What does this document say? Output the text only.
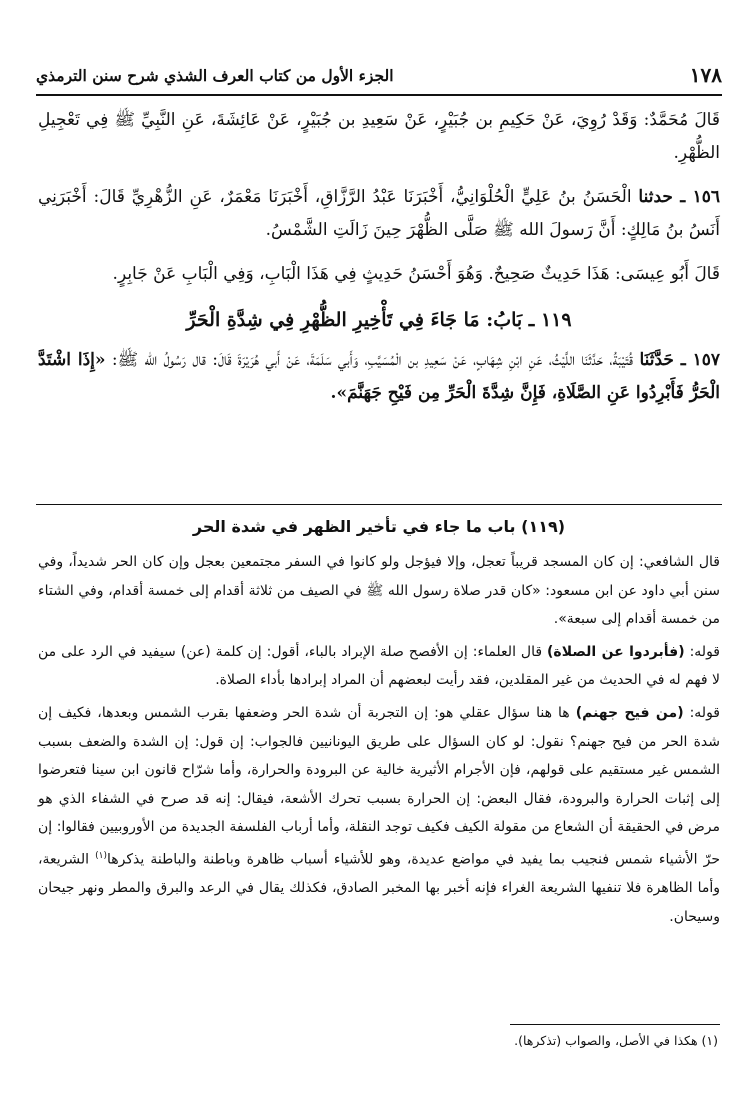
١٧٨
الجزء الأول من كتاب العرف الشذي شرح سنن الترمذي

قَالَ مُحَمَّدٌ: وَقَدْ رُوِيَ، عَنْ حَكِيمِ بن جُبَيْرٍ، عَنْ سَعِيدِ بن جُبَيْرٍ، عَنْ عَائِشَةَ، عَنِ النَّبِيِّ ﷺ فِي تَعْجِيلِ الظُّهْرِ.

١٥٦ ـ حدثنا الْحَسَنُ بنُ عَلِيٍّ الْحُلْوَانِيُّ، أَخْبَرَنَا عَبْدُ الرَّزَّاقِ، أَخْبَرَنَا مَعْمَرٌ، عَنِ الزُّهْرِيِّ قَالَ: أَخْبَرَنِي أَنَسُ بنُ مَالِكٍ: أَنَّ رَسولَ الله ﷺ صَلَّى الظُّهْرَ حِينَ زَالَتِ الشَّمْسُ.

قَالَ أَبُو عِيسَى: هَذَا حَدِيثٌ صَحِيحٌ. وَهُوَ أَحْسَنُ حَدِيثٍ فِي هَذَا الْبَابِ، وَفِي الْبَابِ عَنْ جَابِرٍ.

١١٩ ـ بَابُ: مَا جَاءَ فِي تَأْخِيرِ الظُّهْرِ فِي شِدَّةِ الْحَرِّ

١٥٧ ـ حَدَّثَنَا قُتَيْبَةُ، حَدَّثَنَا اللَّيْثُ، عَنِ ابْنِ شِهَابٍ، عَنْ سَعِيدِ بن الْمُسَيَّبِ، وَأَبي سَلَمَةَ، عَنْ أَبي هُرَيْرَةَ قَالَ: قال رَسُولُ الله ﷺ: «إِذَا اشْتَدَّ الْحَرُّ فَأَبْرِدُوا عَنِ الصَّلَاةِ، فَإِنَّ شِدَّةَ الْحَرِّ مِن فَيْحِ جَهَنَّمَ».

(١١٩) باب ما جاء في تأخير الظهر في شدة الحر

قال الشافعي: إن كان المسجد قريباً تعجل، وإلا فيؤجل ولو كانوا في السفر مجتمعين بعجل وإن كان الحر شديداً، وفي سنن أبي داود عن ابن مسعود: «كان قدر صلاة رسول الله ﷺ في الصيف من ثلاثة أقدام إلى خمسة أقدام، وفي الشتاء من خمسة أقدام إلى سبعة».

قوله: (فأبردوا عن الصلاة) قال العلماء: إن الأفصح صلة الإبراد بالباء، أقول: إن كلمة (عن) سيفيد في الرد على من لا فهم له في الحديث من غير المقلدين، فقد رأيت لبعضهم أن المراد إبرادها بأداء الصلاة.

قوله: (من فيح جهنم) ها هنا سؤال عقلي هو: إن التجربة أن شدة الحر وضعفها بقرب الشمس وبعدها، فكيف إن شدة الحر من فيح جهنم؟ نقول: لو كان السؤال على طريق اليونانيين فالجواب: إن قول: إن الشدة والضعف بسبب الشمس غير مستقيم على قولهم، فإن الأجرام الأثيرية خالية عن البرودة والحرارة، وأما شرّاح قانون ابن سينا فتعرضوا إلى إثبات الحرارة والبرودة، فقال البعض: إن الحرارة بسبب تحرك الأشعة، فيقال: إنه قد صرح في الشفاء الذي هو مرض في الحقيقة أن الشعاع من مقولة الكيف فكيف توجد النقلة، وأما أرباب الفلسفة الجديدة من الأوروبيين فقالوا: إن حرّ الأشياء شمس فنجيب بما يفيد في مواضع عديدة، وهو للأشياء أسباب ظاهرة وباطنة والباطنة يذكرها$^{(١)}$ الشريعة، وأما الظاهرة فلا تنفيها الشريعة الغراء فإنه أخبر بها المخبر الصادق، فكذلك يقال في الرعد والبرق والمطر ونهر جيحان وسيحان.

(١) هكذا في الأصل، والصواب (تذكرها).
